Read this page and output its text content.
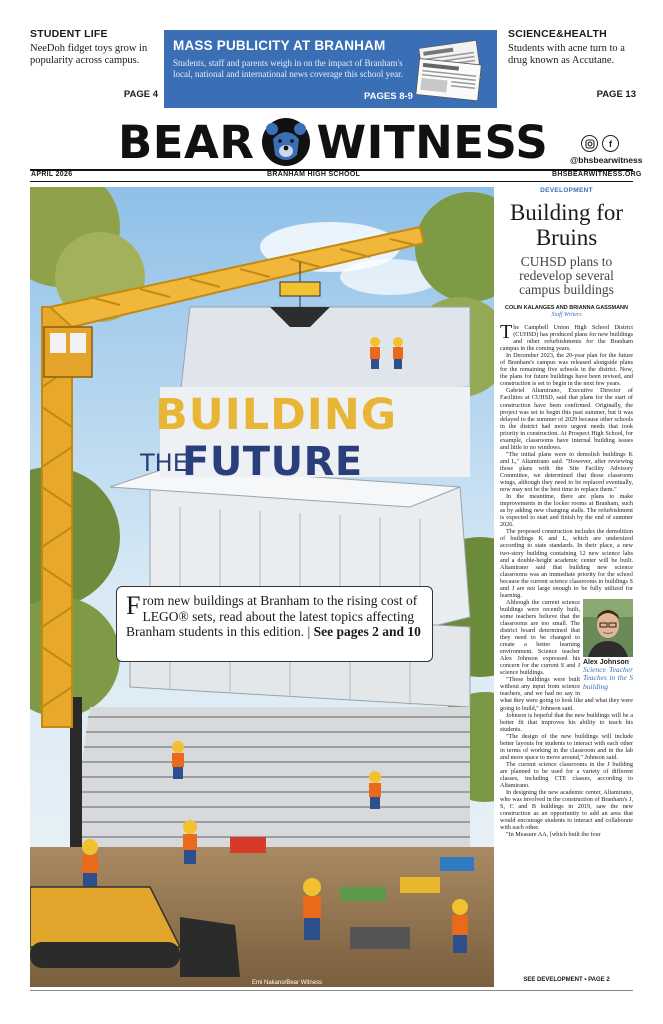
STUDENT LIFE
NeeDoh fidget toys grow in popularity across campus.
PAGE 4
MASS PUBLICITY AT BRANHAM
Students, staff and parents weigh in on the impact of Branham's local, national and international news coverage this school year.
PAGES 8-9
SCIENCE&HEALTH
Students with acne turn to a drug known as Accutane.
PAGE 13
BEAR WITNESS	f
@bhsbearwitness
APRIL 2026	BRANHAM HIGH SCHOOL	BHSBEARWITNESS.ORG
BUILDING
THE
FUTURE
From new buildings at Branham to the rising cost of LEGO® sets, read about the latest topics affecting Branham students in this edition. | See pages 2 and 10
Emi Nakano/Bear Witness
DEVELOPMENT
Building for Bruins
CUHSD plans to redevelop several campus buildings
COLIN KALANGES AND BRIANNA GASSMANN
Staff Writers

The Campbell Union High School District (CUHSD) has produced plans for new buildings and other refurbishments for the Branham campus in the coming years.

In December 2023, the 20-year plan for the future of Branham's campus was released alongside plans for the remaining five schools in the district. Now, the plans for future buildings have been revised, and construction is set to begin in the next few years.

Gabriel Altamirano, Executive Director of Facilities at CUHSD, said that plans for the start of construction have been confirmed. Originally, the project was set to begin this past summer, but it was delayed to the summer of 2029 because other schools in the district had more urgent needs that took priority in construction. At Prospect High School, for example, classrooms have internal building issues and little to no windows.

"The initial plans were to demolish buildings K and L," Altamirano said. "However, after reviewing those plans with the Site Facility Advisory Committee, we determined that those classroom wings, although they need to be replaced eventually, now may not be the best time to replace them."

In the meantime, there are plans to make improvements in the locker rooms at Branham, such as by adding new changing stalls. The refurbishment is expected to start and finish by the end of summer 2026.

The proposed construction includes the demolition of buildings K and L, which are undersized according to state standards. In their place, a new two-story building containing 12 new science labs and a double-height academic center will be built. Altamirano said that building new science classrooms was an immediate priority for the school because the current science classrooms in buildings S and J are not large enough to be fully utilized for learning.

Alex Johnson
Science Teacher Teaches in the S building

Although the current science buildings were recently built, some teachers believe that the classrooms are too small. The district board determined that they need to be changed to create a better learning environment. Science teacher Alex Johnson expressed his concern for the current S and J science buildings.

"These buildings were built without any input from science teachers, and we had no say in what they were going to look like and what they were going to build," Johnson said.

Johnson is hopeful that the new buildings will be a better fit that improves his ability to teach his students.

"The design of the new buildings will include better layouts for students to interact with each other in terms of working in the classroom and in the lab and more space to move around," Johnson said.

The current science classrooms in the J building are planned to be used for a variety of different classes, including CTE classes, according to Altamirano.

In designing the new academic center, Altamirano, who was involved in the construction of Branham's J, S, C and B buildings in 2019, saw the new construction as an opportunity to add an area that would encourage students to interact and collaborate with each other.

"In Measure AA, [which built the four

SEE DEVELOPMENT • PAGE 2
